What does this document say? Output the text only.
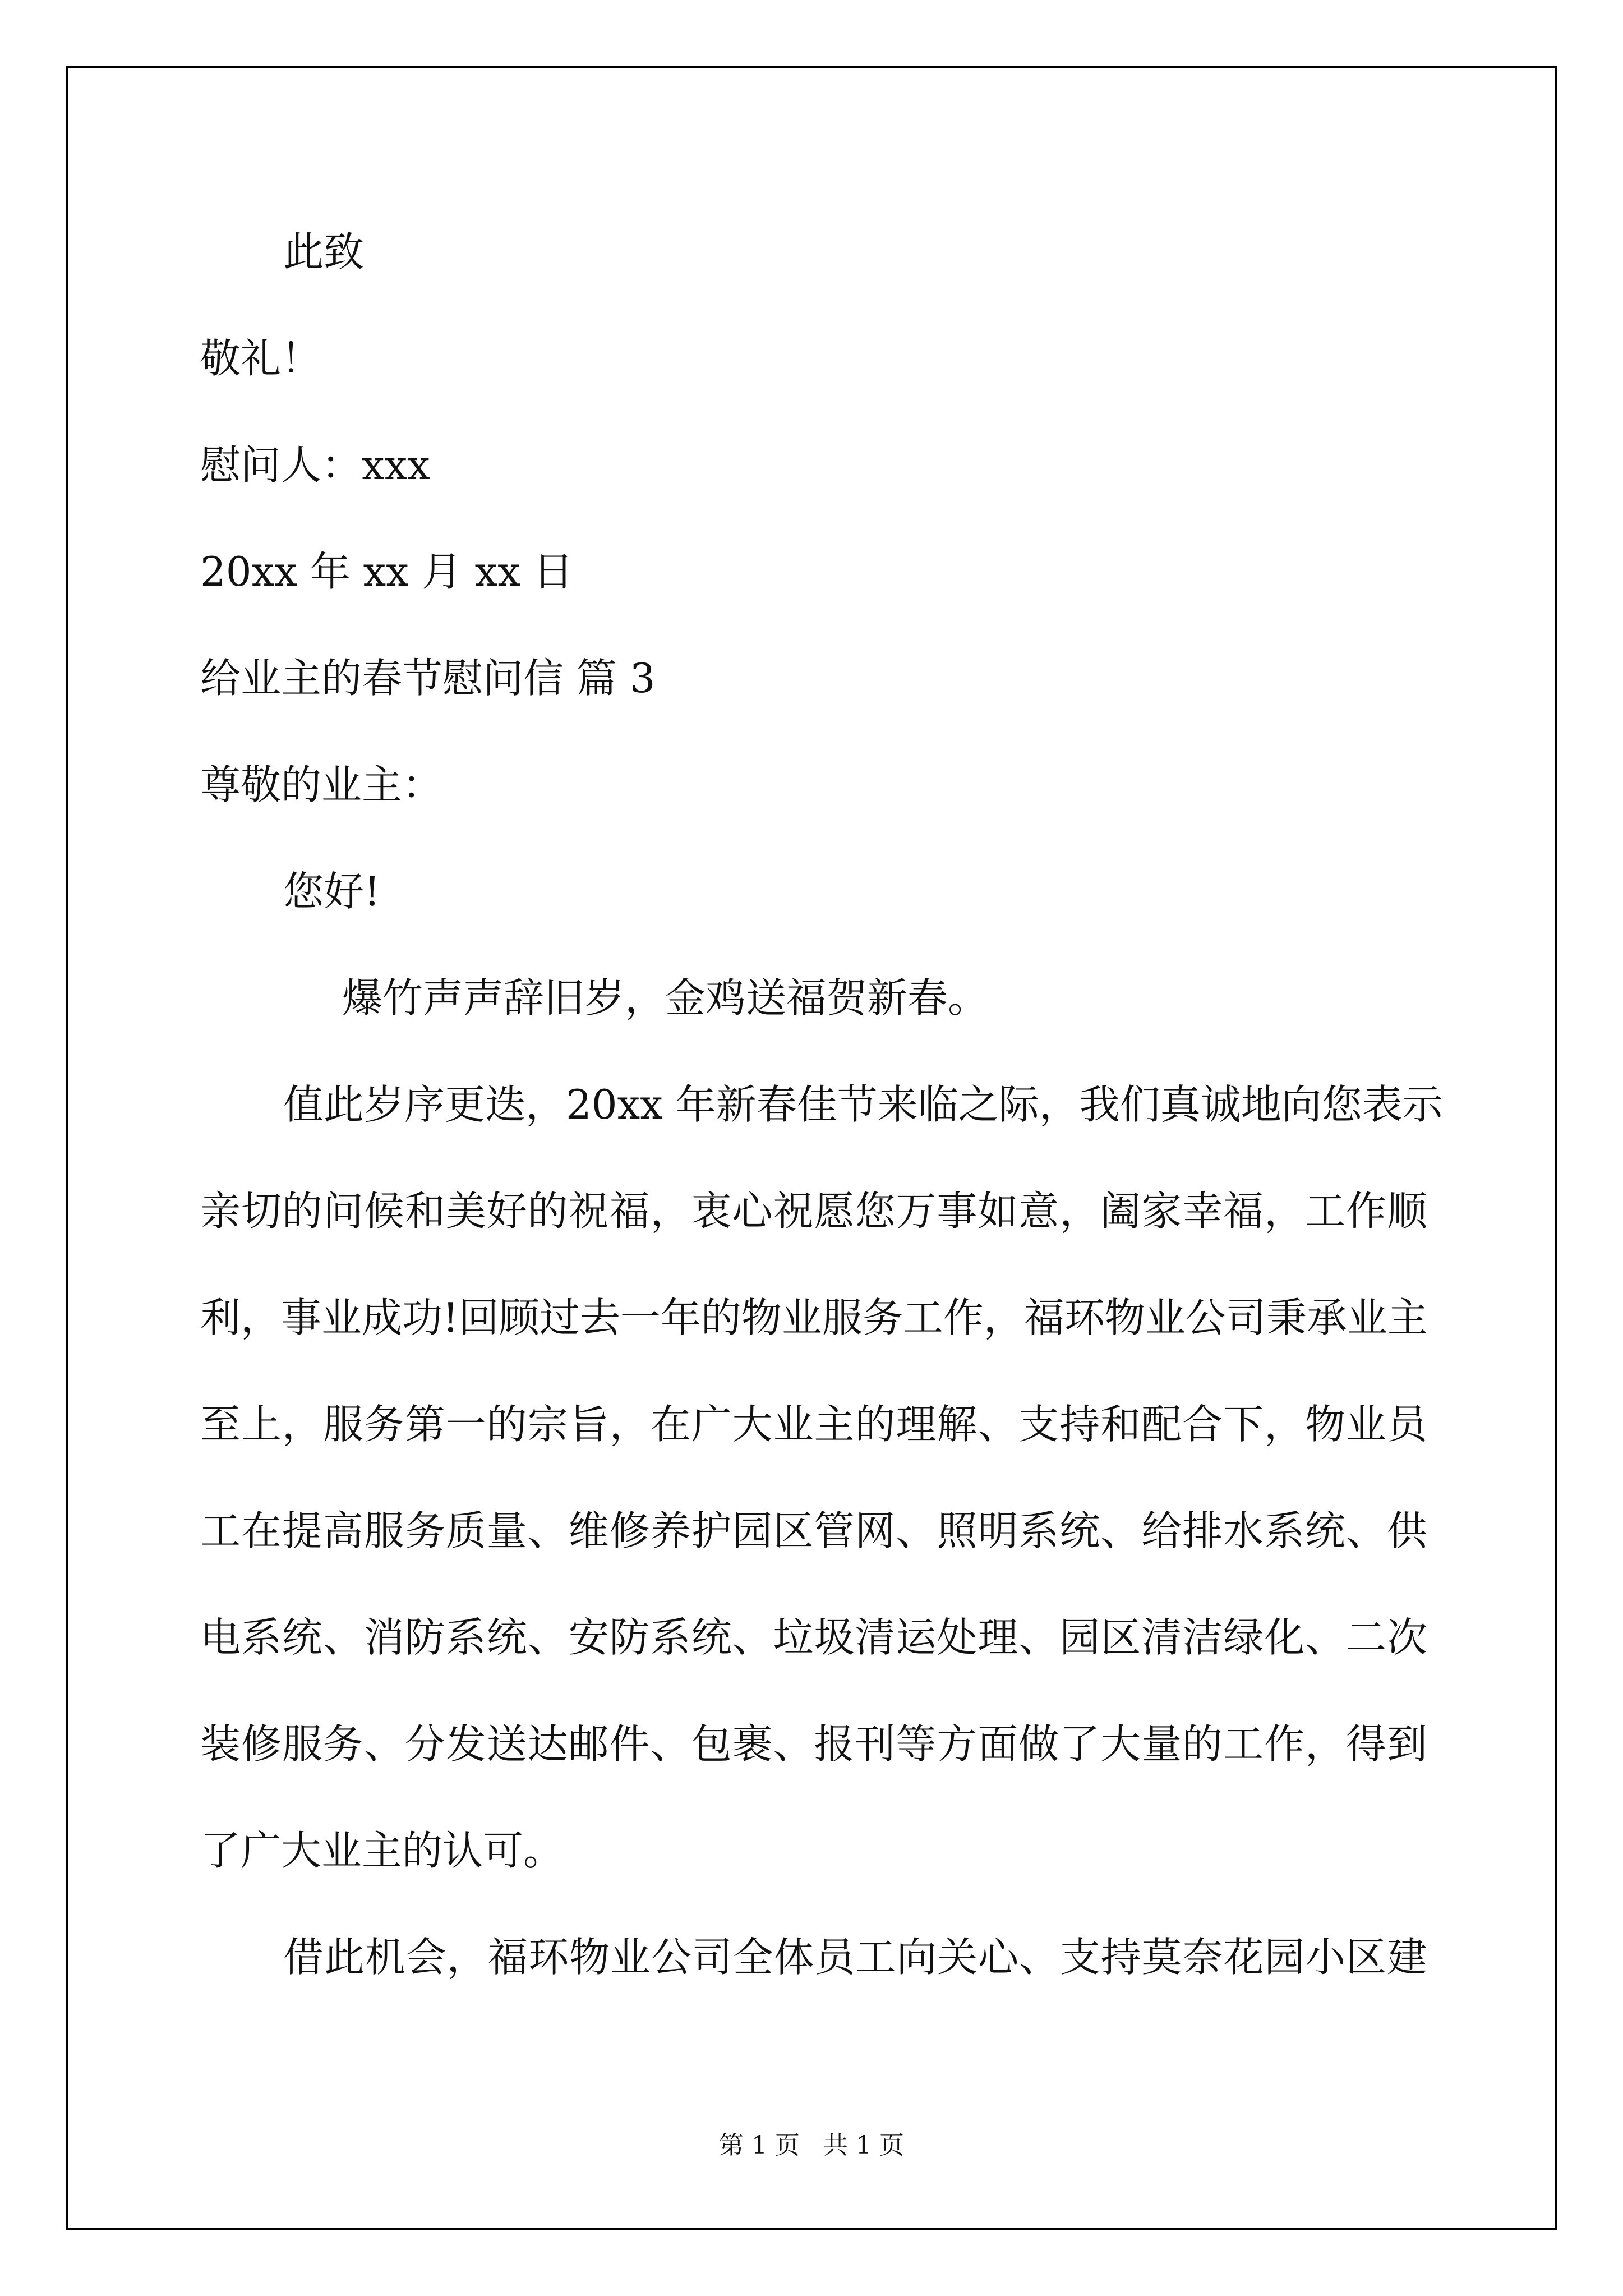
此致

敬礼！

慰问人：xxx

20xx 年 xx 月 xx 日

给业主的春节慰问信 篇 3

尊敬的业主：

您好!

爆竹声声辞旧岁，金鸡送福贺新春。

值此岁序更迭，20xx 年新春佳节来临之际，我们真诚地向您表示

亲切的问候和美好的祝福，衷心祝愿您万事如意，阖家幸福，工作顺

利，事业成功!回顾过去一年的物业服务工作，福环物业公司秉承业主

至上，服务第一的宗旨，在广大业主的理解、支持和配合下，物业员

工在提高服务质量、维修养护园区管网、照明系统、给排水系统、供

电系统、消防系统、安防系统、垃圾清运处理、园区清洁绿化、二次

装修服务、分发送达邮件、包裹、报刊等方面做了大量的工作，得到

了广大业主的认可。

借此机会，福环物业公司全体员工向关心、支持莫奈花园小区建

第 1 页   共 1 页
